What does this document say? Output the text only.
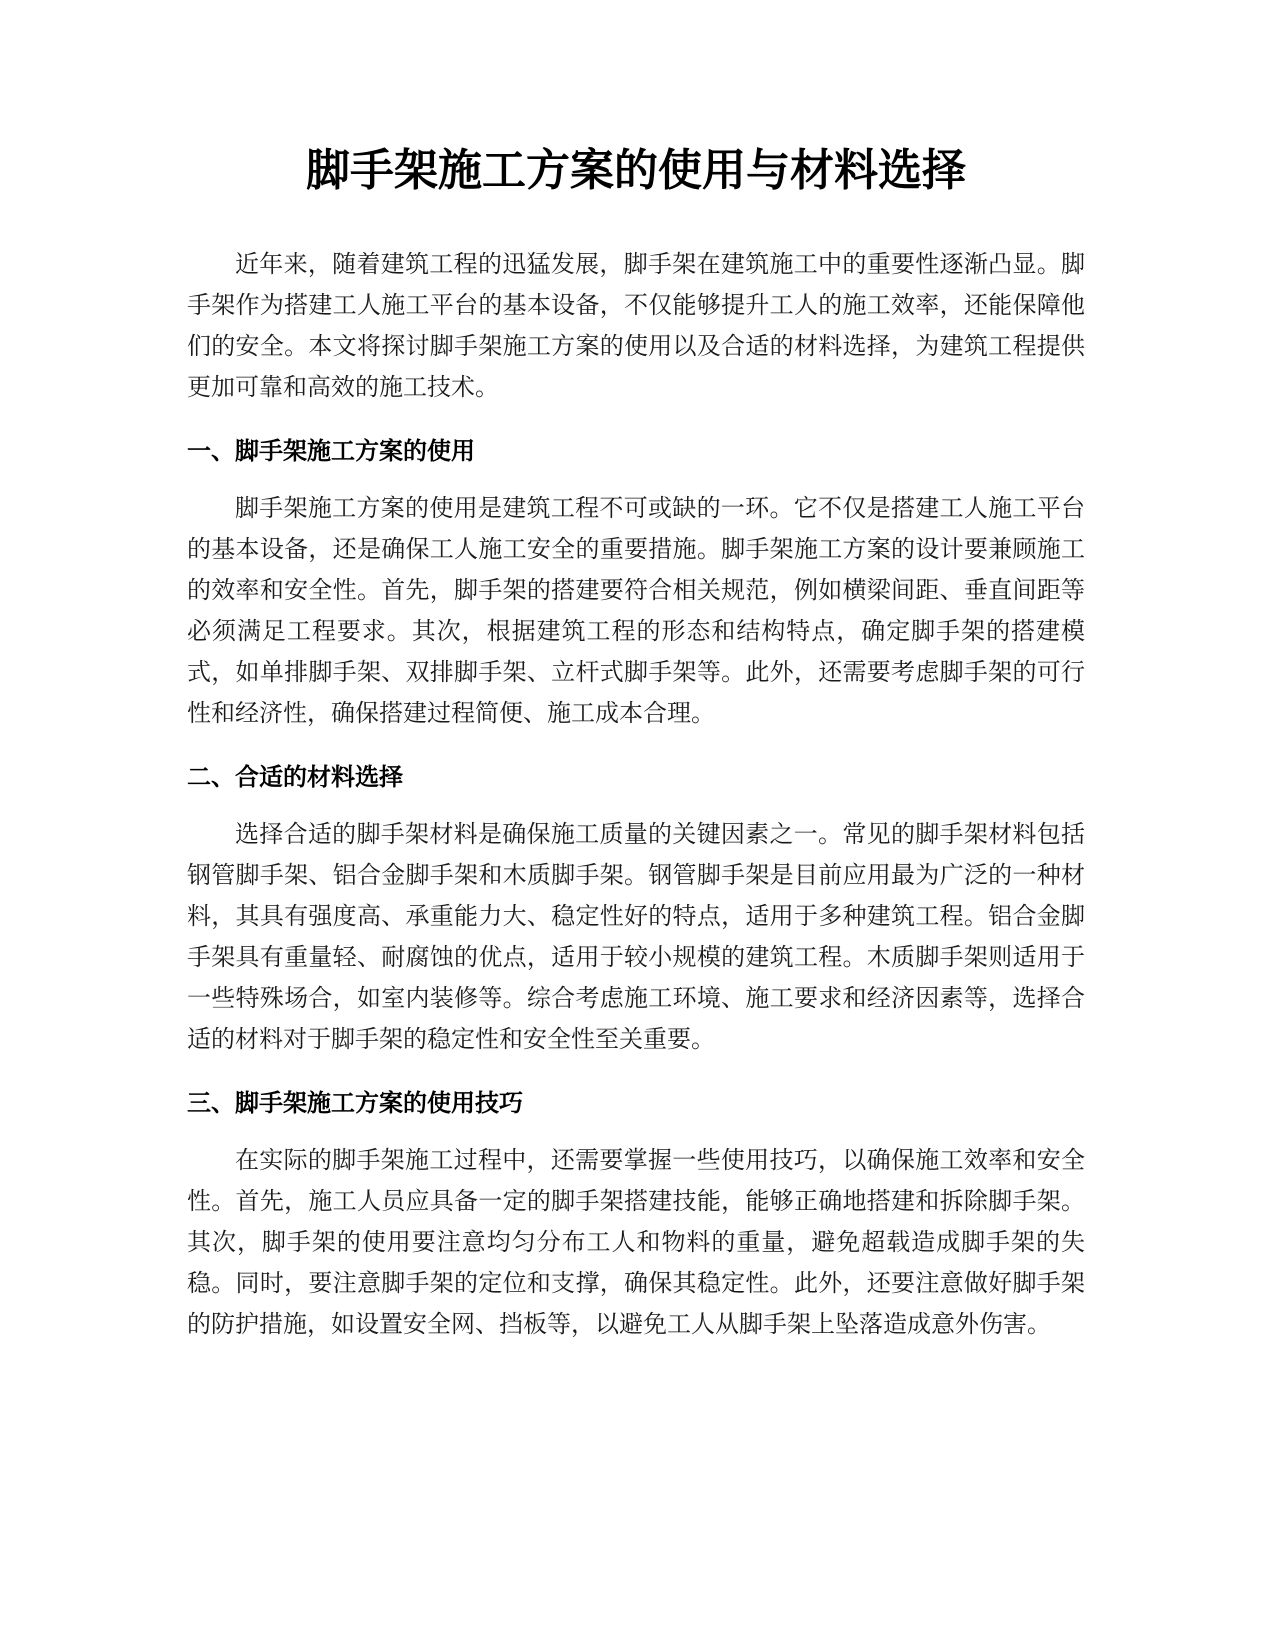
脚手架施工方案的使用与材料选择

近年来，随着建筑工程的迅猛发展，脚手架在建筑施工中的重要性逐渐凸显。脚手架作为搭建工人施工平台的基本设备，不仅能够提升工人的施工效率，还能保障他们的安全。本文将探讨脚手架施工方案的使用以及合适的材料选择，为建筑工程提供更加可靠和高效的施工技术。

一、脚手架施工方案的使用

脚手架施工方案的使用是建筑工程不可或缺的一环。它不仅是搭建工人施工平台的基本设备，还是确保工人施工安全的重要措施。脚手架施工方案的设计要兼顾施工的效率和安全性。首先，脚手架的搭建要符合相关规范，例如横梁间距、垂直间距等必须满足工程要求。其次，根据建筑工程的形态和结构特点，确定脚手架的搭建模式，如单排脚手架、双排脚手架、立杆式脚手架等。此外，还需要考虑脚手架的可行性和经济性，确保搭建过程简便、施工成本合理。

二、合适的材料选择

选择合适的脚手架材料是确保施工质量的关键因素之一。常见的脚手架材料包括钢管脚手架、铝合金脚手架和木质脚手架。钢管脚手架是目前应用最为广泛的一种材料，其具有强度高、承重能力大、稳定性好的特点，适用于多种建筑工程。铝合金脚手架具有重量轻、耐腐蚀的优点，适用于较小规模的建筑工程。木质脚手架则适用于一些特殊场合，如室内装修等。综合考虑施工环境、施工要求和经济因素等，选择合适的材料对于脚手架的稳定性和安全性至关重要。

三、脚手架施工方案的使用技巧

在实际的脚手架施工过程中，还需要掌握一些使用技巧，以确保施工效率和安全性。首先，施工人员应具备一定的脚手架搭建技能，能够正确地搭建和拆除脚手架。其次，脚手架的使用要注意均匀分布工人和物料的重量，避免超载造成脚手架的失稳。同时，要注意脚手架的定位和支撑，确保其稳定性。此外，还要注意做好脚手架的防护措施，如设置安全网、挡板等，以避免工人从脚手架上坠落造成意外伤害。
